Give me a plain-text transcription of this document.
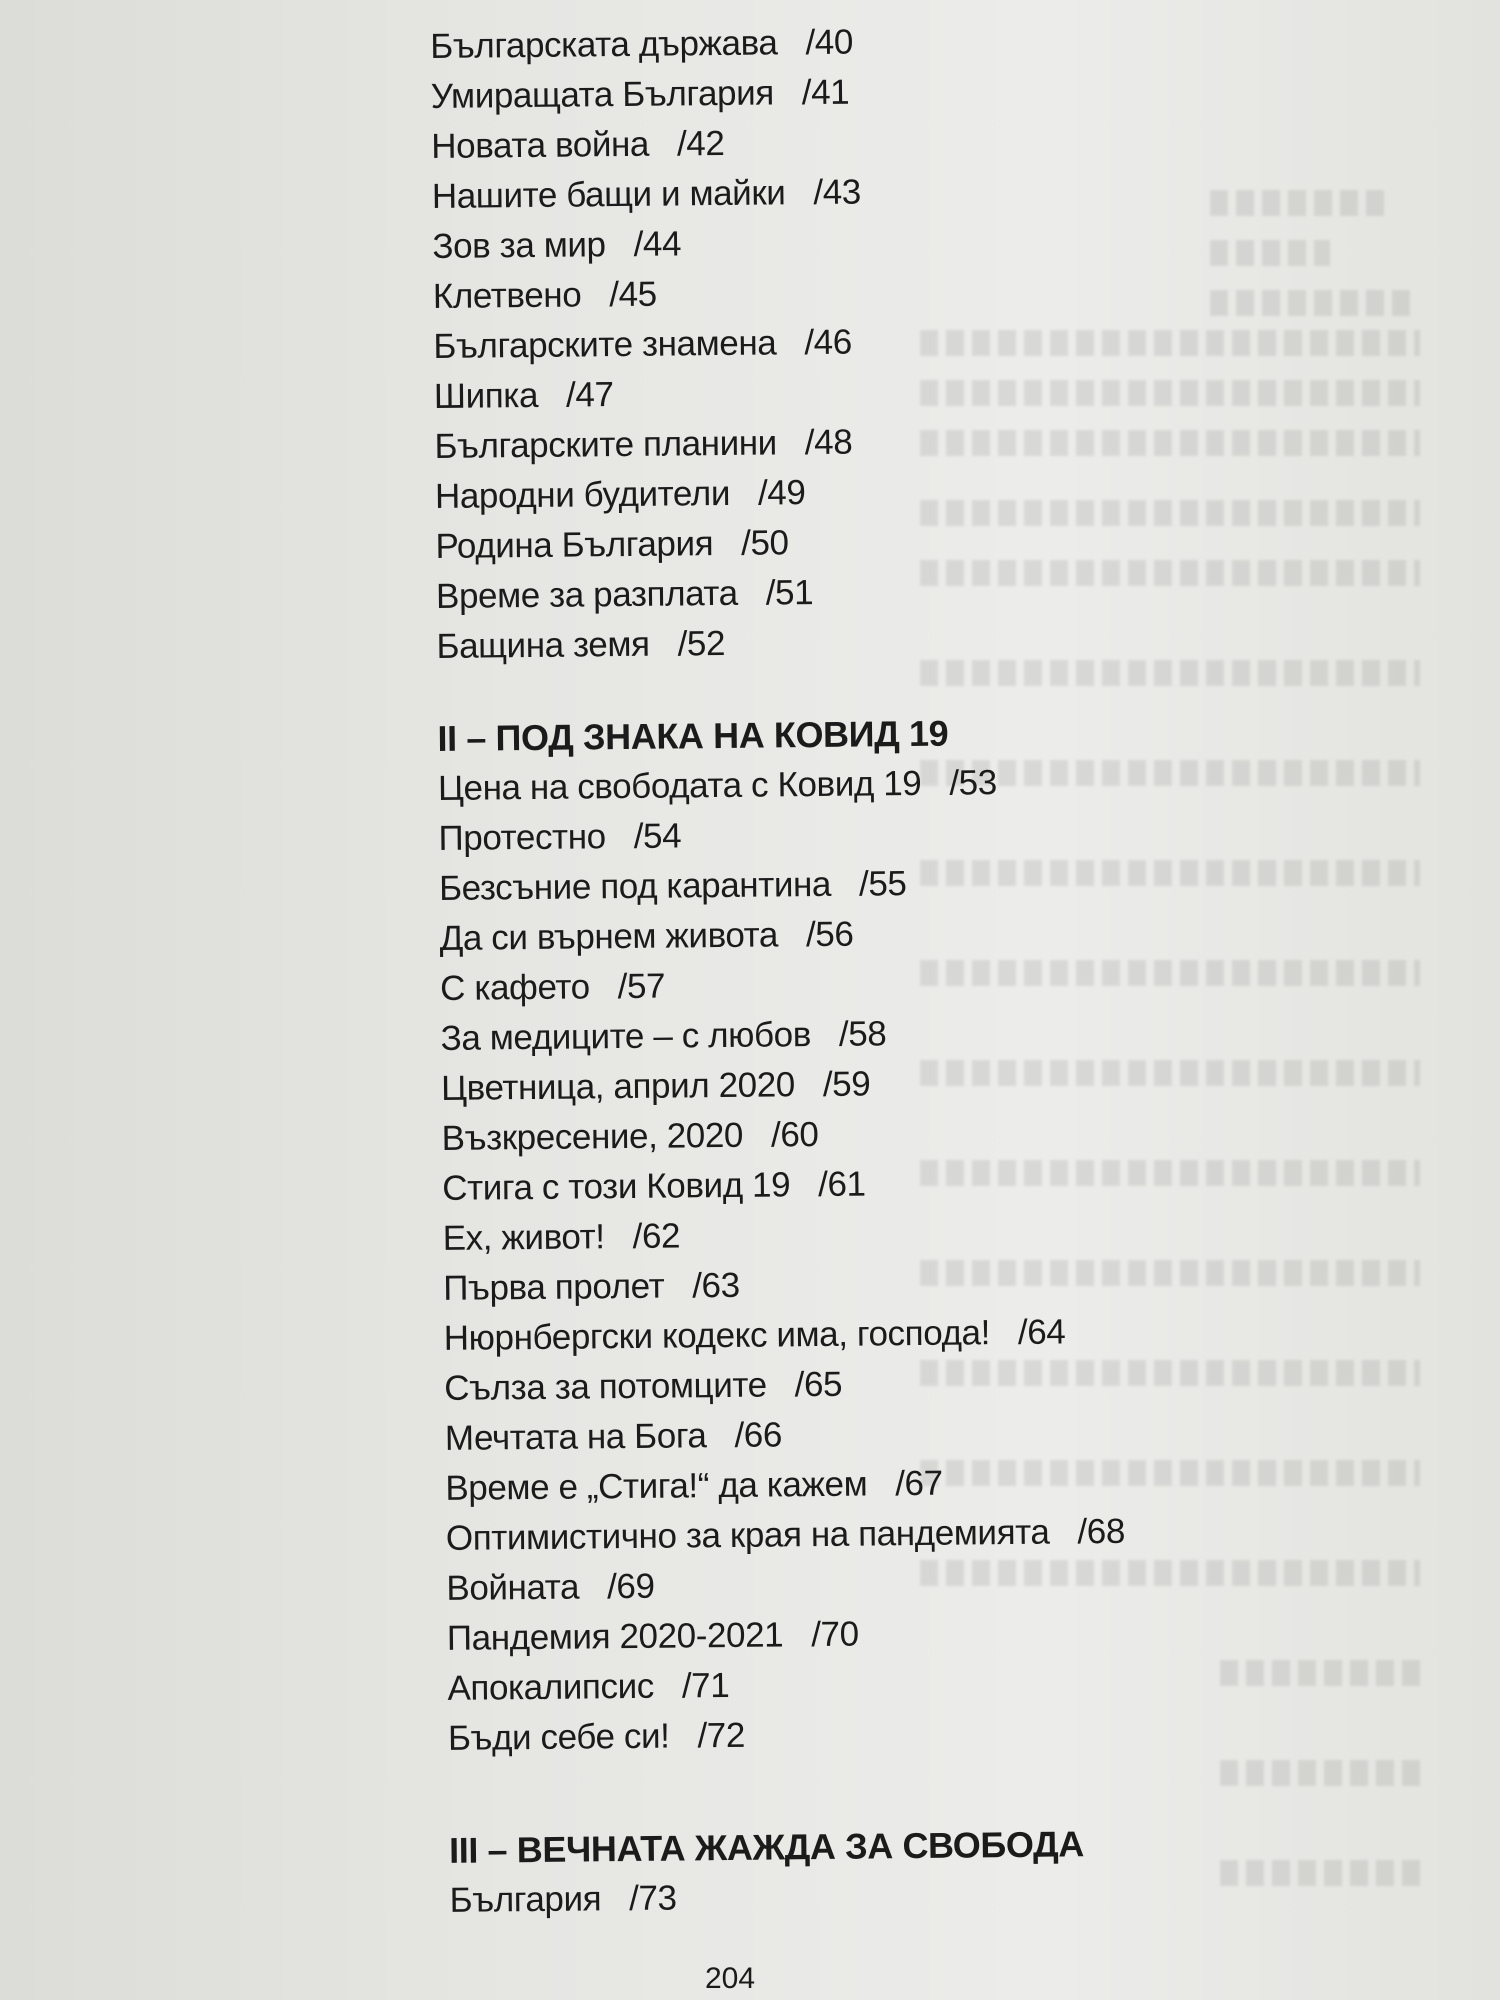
Българската държава /40
Умиращата България /41
Новата война /42
Нашите бащи и майки /43
Зов за мир /44
Клетвено /45
Българските знамена /46
Шипка /47
Българските планини /48
Народни будители /49
Родина България /50
Време за разплата /51
Бащина земя /52
II – ПОД ЗНАКА НА КОВИД 19
Цена на свободата с Ковид 19 /53
Протестно /54
Безсъние под карантина /55
Да си върнем живота /56
С кафето /57
За медиците – с любов /58
Цветница, април 2020 /59
Възкресение, 2020 /60
Стига с този Ковид 19 /61
Ех, живот! /62
Първа пролет /63
Нюрнбергски кодекс има, господа! /64
Сълза за потомците /65
Мечтата на Бога /66
Време е „Стига!“ да кажем /67
Оптимистично за края на пандемията /68
Войната /69
Пандемия 2020-2021 /70
Апокалипсис /71
Бъди себе си! /72
III – ВЕЧНАТА ЖАЖДА ЗА СВОБОДА
България /73
204
